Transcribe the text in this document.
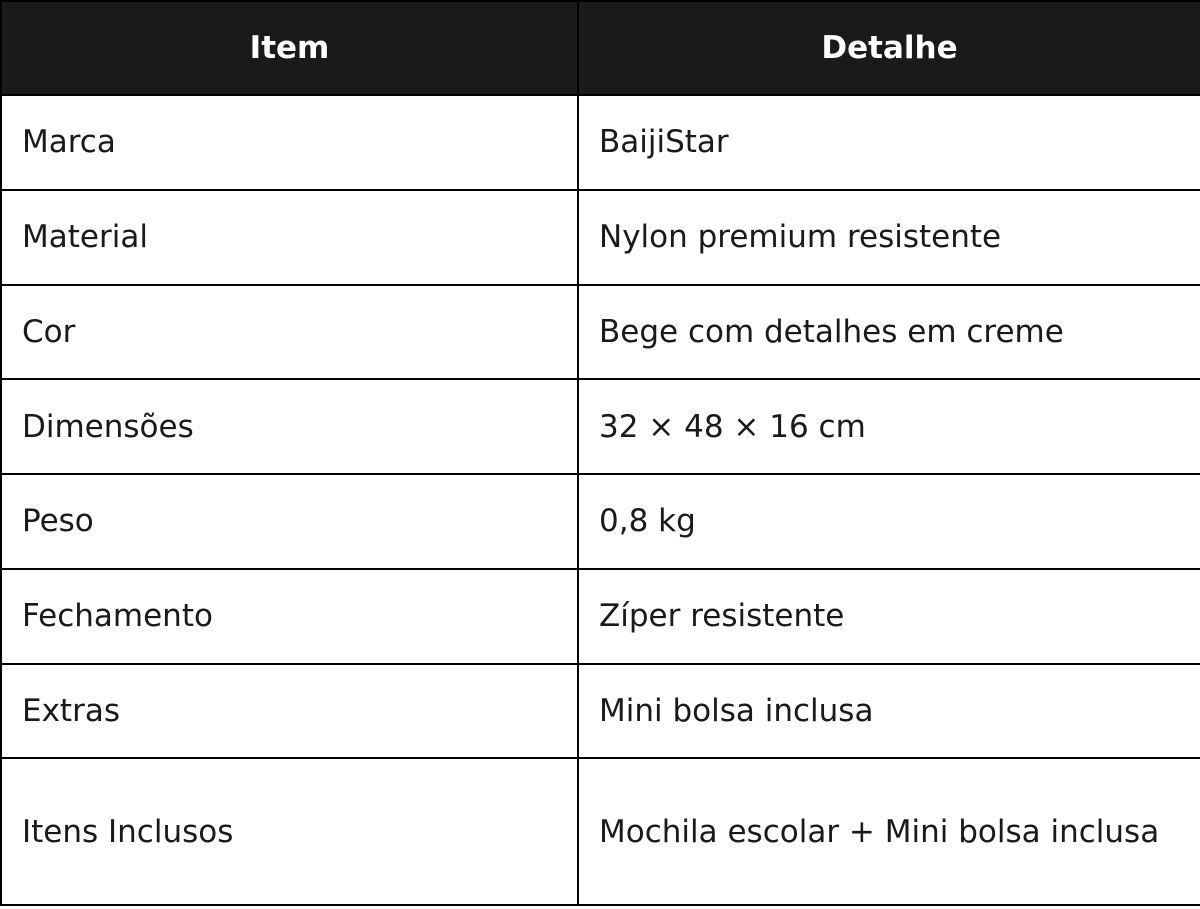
Item	Detalhe
Marca	BaijiStar
Material	Nylon premium resistente
Cor	Bege com detalhes em creme
Dimensões	32 × 48 × 16 cm
Peso	0,8 kg
Fechamento	Zíper resistente
Extras	Mini bolsa inclusa
Itens Inclusos	Mochila escolar + Mini bolsa inclusa
